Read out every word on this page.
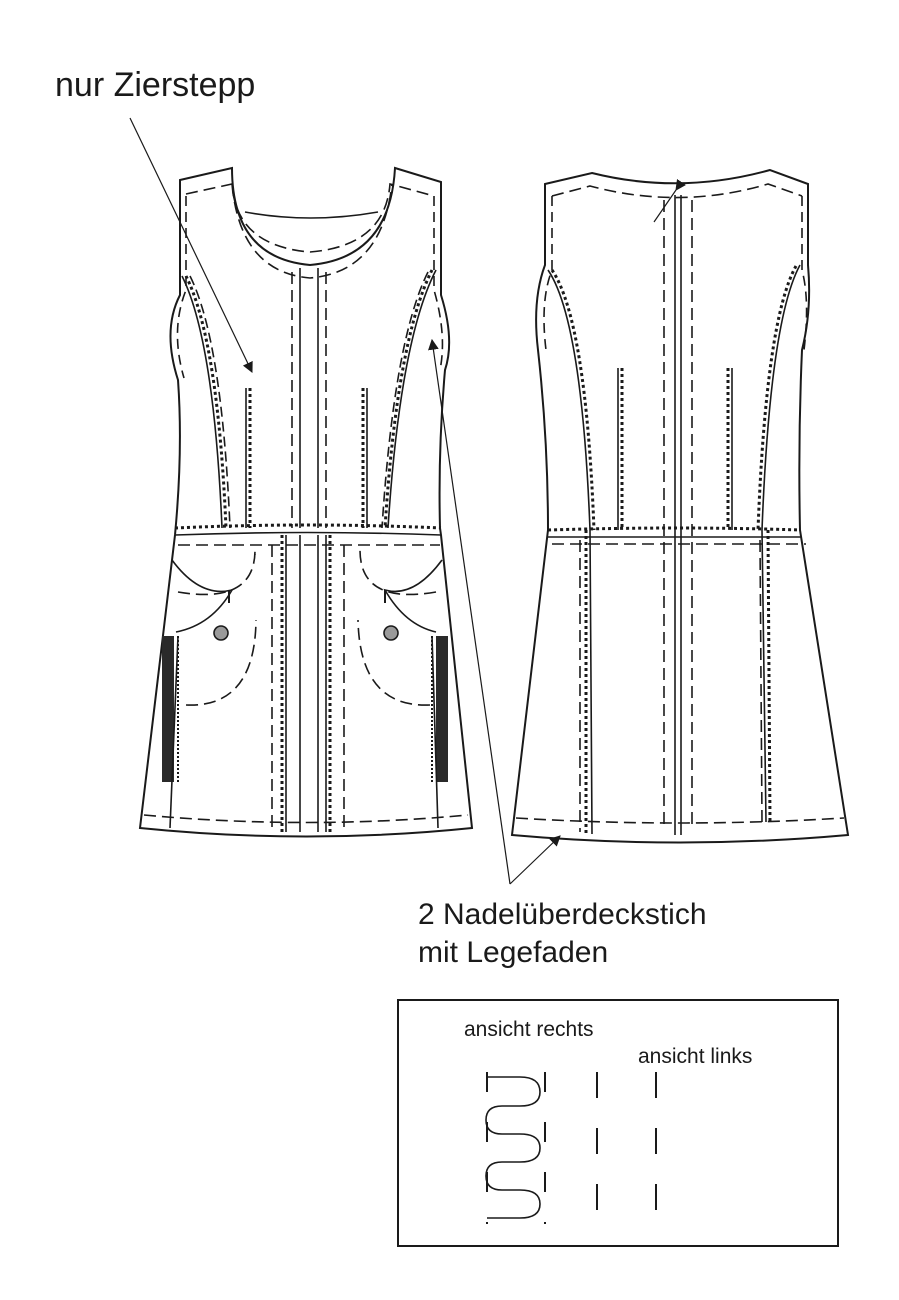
nur Zierstepp
2 Nadelüberdeckstich
mit Legefaden
ansicht rechts
ansicht links
